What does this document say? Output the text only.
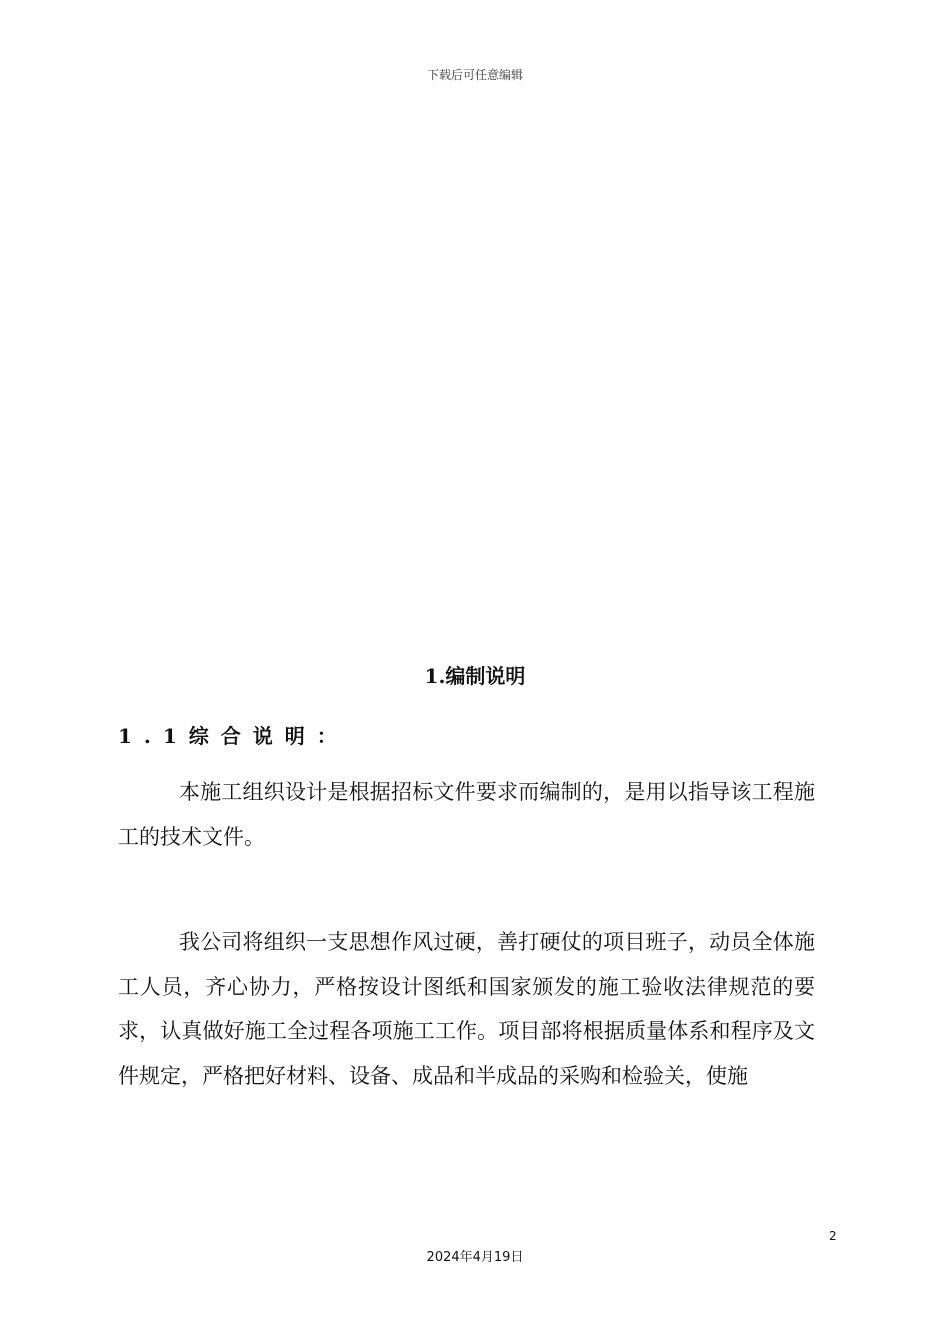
下载后可任意编辑
1.编制说明
1.1综合说明：
本施工组织设计是根据招标文件要求而编制的，是用以指导该工程施工的技术文件。
我公司将组织一支思想作风过硬，善打硬仗的项目班子，动员全体施工人员，齐心协力，严格按设计图纸和国家颁发的施工验收法律规范的要求，认真做好施工全过程各项施工工作。项目部将根据质量体系和程序及文件规定，严格把好材料、设备、成品和半成品的采购和检验关，使施
2
2024年4月19日
